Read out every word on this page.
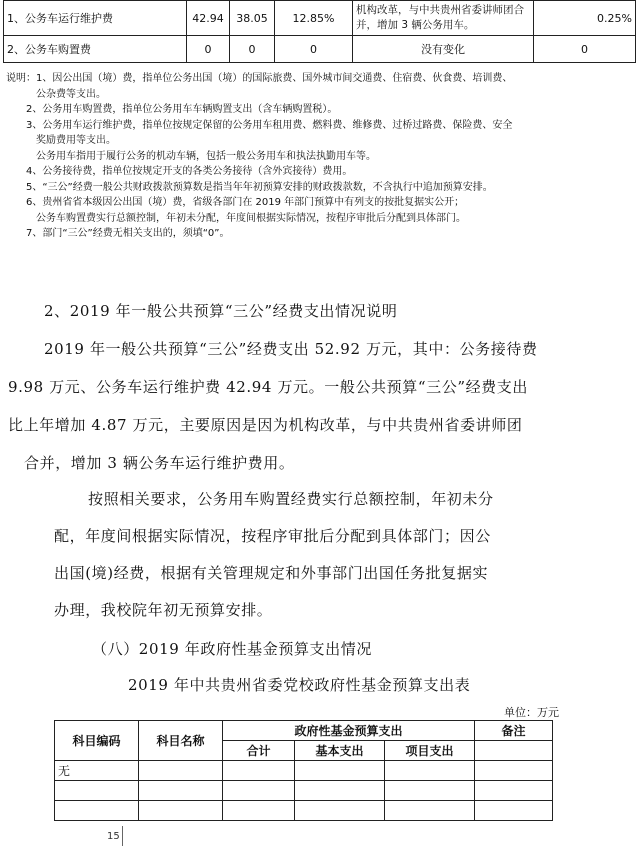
1、公务车运行维护费	42.94	38.05	12.85%	机构改革，与中共贵州省委讲师团合并，增加 3 辆公务用车。	0.25%
2、公务车购置费	0	0	0	没有变化	0

说明：1、因公出国（境）费，指单位公务出国（境）的国际旅费、国外城市间交通费、住宿费、伙食费、培训费、

　　　公杂费等支出。

　　2、公务用车购置费，指单位公务用车车辆购置支出（含车辆购置税）。

　　3、公务用车运行维护费，指单位按规定保留的公务用车租用费、燃料费、维修费、过桥过路费、保险费、安全

　　　奖励费用等支出。

　　　公务用车指用于履行公务的机动车辆，包括一般公务用车和执法执勤用车等。

　　4、公务接待费，指单位按规定开支的各类公务接待（含外宾接待）费用。

　　5、“三公”经费一般公共财政拨款预算数是指当年年初预算安排的财政拨款数，不含执行中追加预算安排。

　　6、贵州省省本级因公出国（境）费，省级各部门在 2019 年部门预算中有列支的按批复据实公开；

　　　公务车购置费实行总额控制，年初未分配，年度间根据实际情况，按程序审批后分配到具体部门。

　　7、部门“三公”经费无相关支出的，须填“0”。

2、2019 年一般公共预算“三公”经费支出情况说明
2019 年一般公共预算“三公”经费支出 52.92 万元，其中：公务接待费
9.98 万元、公务车运行维护费 42.94 万元。一般公共预算“三公”经费支出
比上年增加 4.87 万元，主要原因是因为机构改革，与中共贵州省委讲师团
合并，增加 3 辆公务车运行维护费用。
按照相关要求，公务用车购置经费实行总额控制，年初未分
配，年度间根据实际情况，按程序审批后分配到具体部门；因公
出国(境)经费，根据有关管理规定和外事部门出国任务批复据实
办理，我校院年初无预算安排。
（八）2019 年政府性基金预算支出情况
2019 年中共贵州省委党校政府性基金预算支出表
单位：万元
科目编码	科目名称	政府性基金预算支出			备注
		合计	基本支出	项目支出	
无					

15
